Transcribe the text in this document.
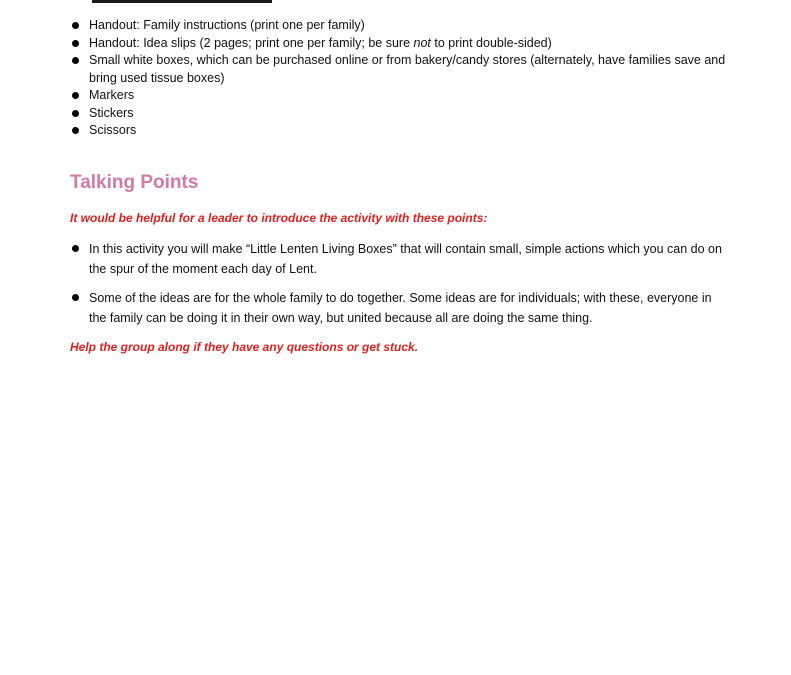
Handout: Family instructions (print one per family)
Handout: Idea slips (2 pages; print one per family; be sure not to print double-sided)
Small white boxes, which can be purchased online or from bakery/candy stores (alternately, have families save and bring used tissue boxes)
Markers
Stickers
Scissors
Talking Points

It would be helpful for a leader to introduce the activity with these points:

In this activity you will make “Little Lenten Living Boxes” that will contain small, simple actions which you can do on the spur of the moment each day of Lent.
Some of the ideas are for the whole family to do together. Some ideas are for individuals; with these, everyone in the family can be doing it in their own way, but united because all are doing the same thing.

Help the group along if they have any questions or get stuck.
